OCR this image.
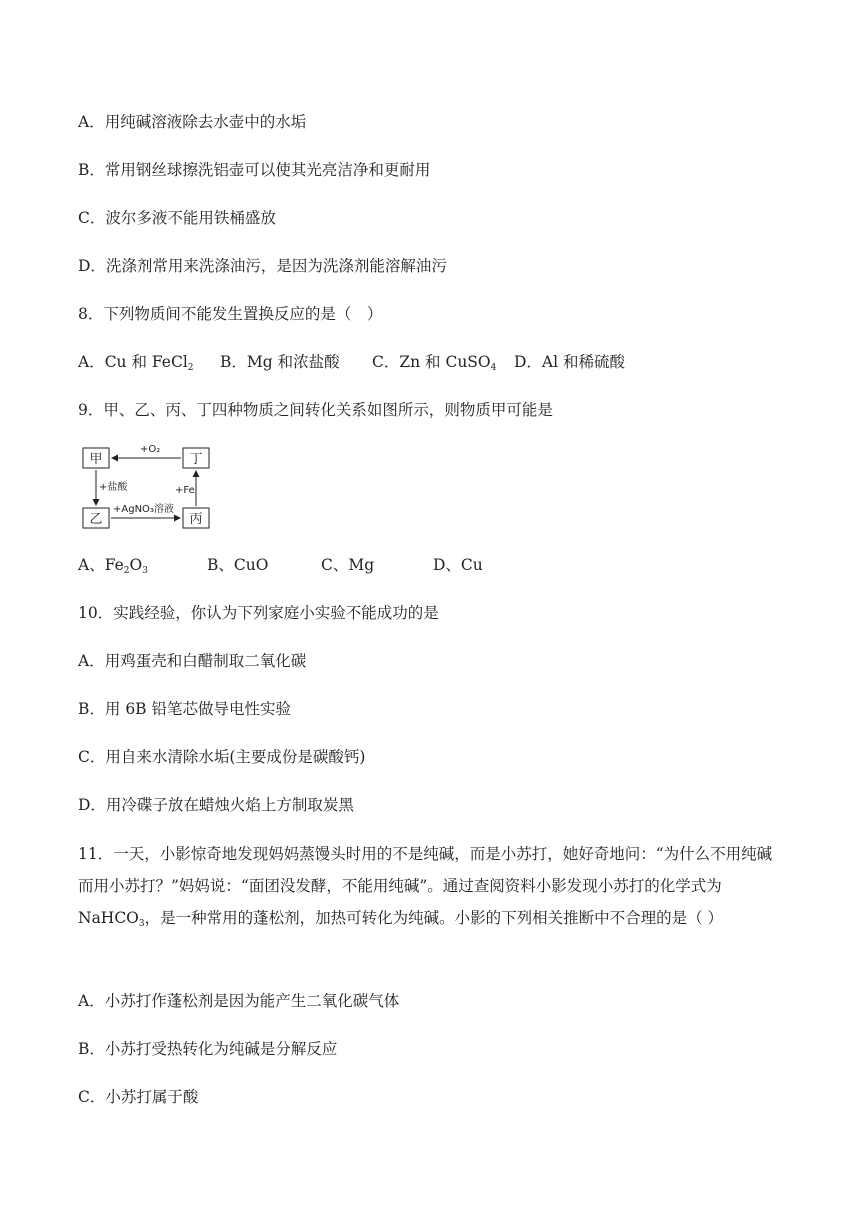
A．用纯碱溶液除去水壶中的水垢
B．常用钢丝球擦洗铝壶可以使其光亮洁净和更耐用
C．波尔多液不能用铁桶盛放
D．洗涤剂常用来洗涤油污，是因为洗涤剂能溶解油污
8．下列物质间不能发生置换反应的是（　）
A．Cu 和 FeCl$_2$ B．Mg 和浓盐酸 C．Zn 和 CuSO$_4$ D．Al 和稀硫酸
9．甲、乙、丙、丁四种物质之间转化关系如图所示，则物质甲可能是
甲	丁
乙	丙
+O₂
+盐酸
+AgNO₃溶液
+Fe
A、$Fe_2O_3$	B、CuO	C、Mg	D、Cu
10．实践经验，你认为下列家庭小实验不能成功的是
A．用鸡蛋壳和白醋制取二氧化碳
B．用 6B 铅笔芯做导电性实验
C．用自来水清除水垢(主要成份是碳酸钙)
D．用冷碟子放在蜡烛火焰上方制取炭黑
11．一天，小影惊奇地发现妈妈蒸馒头时用的不是纯碱，而是小苏打，她好奇地问：“为什么不用纯碱而用小苏打？”妈妈说：“面团没发酵，不能用纯碱”。通过查阅资料小影发现小苏打的化学式为 NaHCO$_3$，是一种常用的蓬松剂，加热可转化为纯碱。小影的下列相关推断中不合理的是（ ）
A．小苏打作蓬松剂是因为能产生二氧化碳气体
B．小苏打受热转化为纯碱是分解反应
C．小苏打属于酸
